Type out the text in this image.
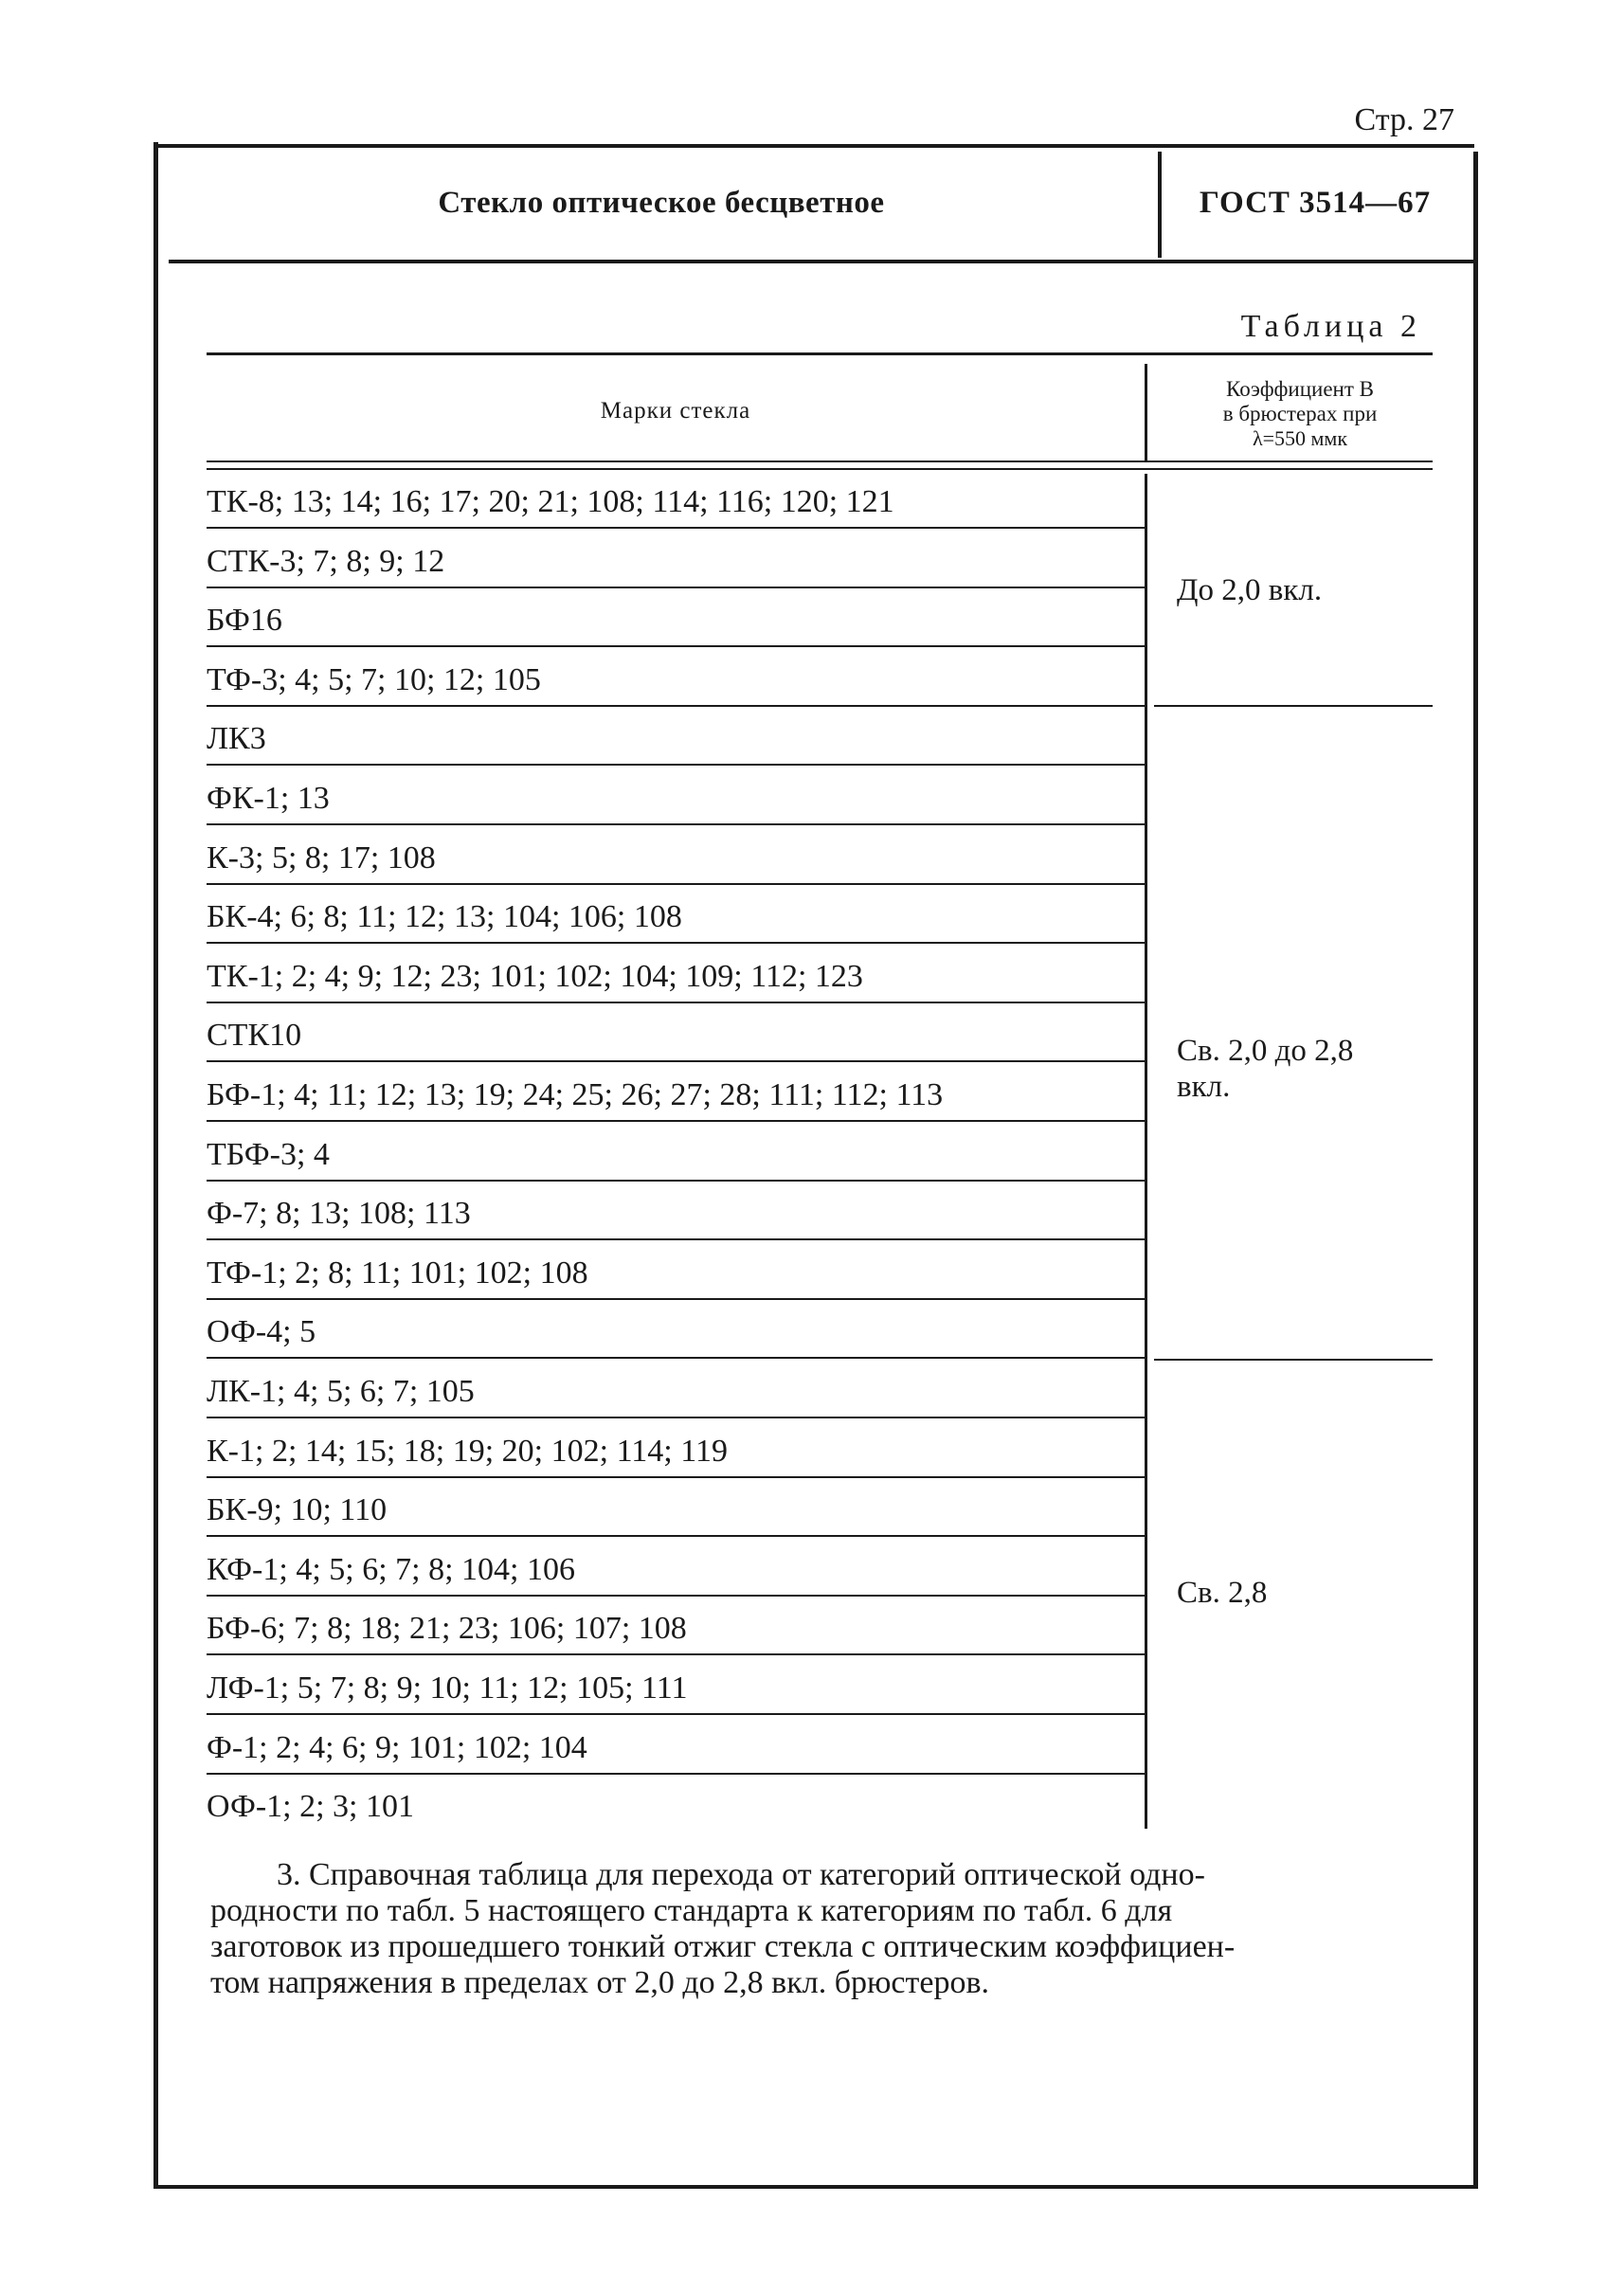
Стр. 27
Стекло оптическое бесцветное	ГОСТ 3514—67
Таблица 2
Марки стекла
Коэффициент B
в брюстерах при
λ=550 ммк
ТК-8; 13; 14; 16; 17; 20; 21; 108; 114; 116; 120; 121
СТК-3; 7; 8; 9; 12
БФ16
ТФ-3; 4; 5; 7; 10; 12; 105
ЛК3
ФК-1; 13
К-3; 5; 8; 17; 108
БК-4; 6; 8; 11; 12; 13; 104; 106; 108
ТК-1; 2; 4; 9; 12; 23; 101; 102; 104; 109; 112; 123
СТК10
БФ-1; 4; 11; 12; 13; 19; 24; 25; 26; 27; 28; 111; 112; 113
ТБФ-3; 4
Ф-7; 8; 13; 108; 113
ТФ-1; 2; 8; 11; 101; 102; 108
ОФ-4; 5
ЛК-1; 4; 5; 6; 7; 105
К-1; 2; 14; 15; 18; 19; 20; 102; 114; 119
БК-9; 10; 110
КФ-1; 4; 5; 6; 7; 8; 104; 106
БФ-6; 7; 8; 18; 21; 23; 106; 107; 108
ЛФ-1; 5; 7; 8; 9; 10; 11; 12; 105; 111
Ф-1; 2; 4; 6; 9; 101; 102; 104
ОФ-1; 2; 3; 101
До 2,0 вкл.
Св. 2,0 до 2,8
вкл.
Св. 2,8
3. Справочная таблица для перехода от категорий оптической одно-
родности по табл. 5 настоящего стандарта к категориям по табл. 6 для
заготовок из прошедшего тонкий отжиг стекла с оптическим коэффициен-
том напряжения в пределах от 2,0 до 2,8 вкл. брюстеров.
